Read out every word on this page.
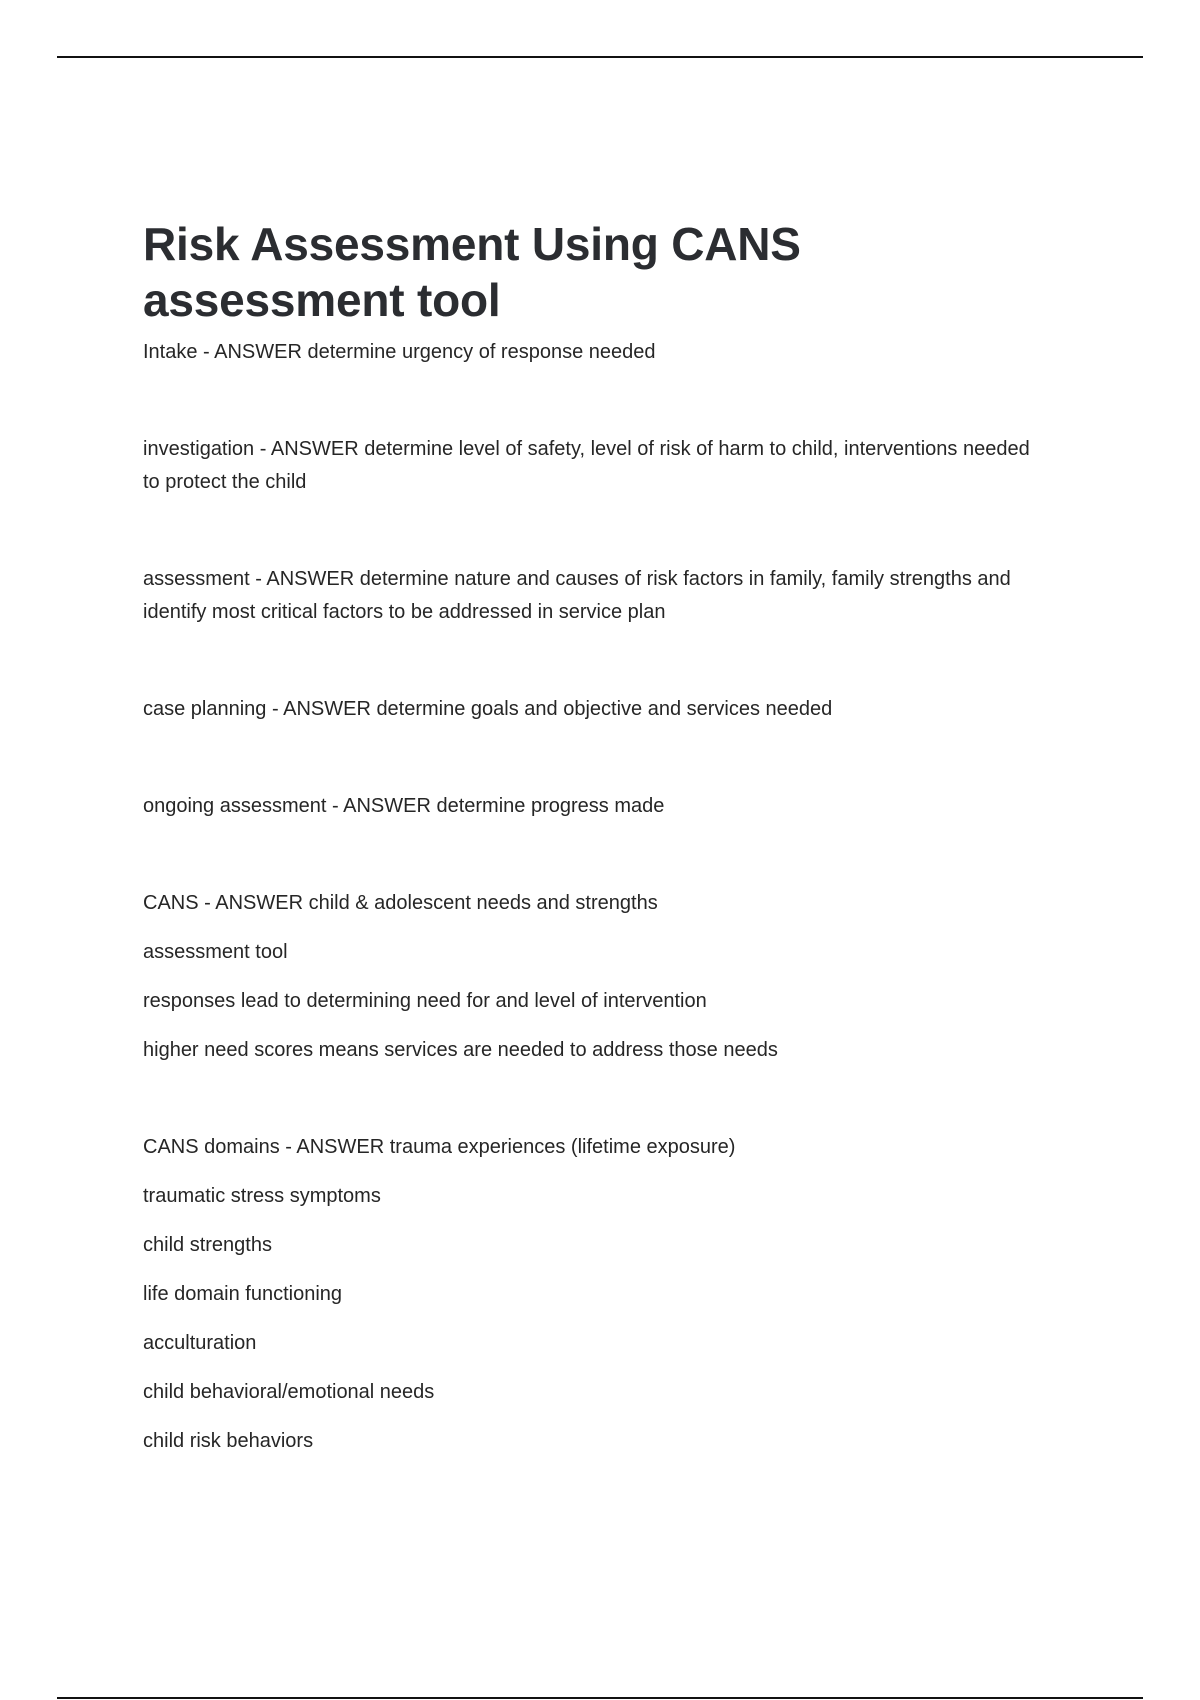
Risk Assessment Using CANS
assessment tool
Intake - ANSWER determine urgency of response needed
investigation - ANSWER determine level of safety, level of risk of harm to child, interventions needed to protect the child
assessment - ANSWER determine nature and causes of risk factors in family, family strengths and identify most critical factors to be addressed in service plan
case planning - ANSWER determine goals and objective and services needed
ongoing assessment - ANSWER determine progress made
CANS - ANSWER child & adolescent needs and strengths
assessment tool
responses lead to determining need for and level of intervention
higher need scores means services are needed to address those needs
CANS domains - ANSWER trauma experiences (lifetime exposure)
traumatic stress symptoms
child strengths
life domain functioning
acculturation
child behavioral/emotional needs
child risk behaviors
